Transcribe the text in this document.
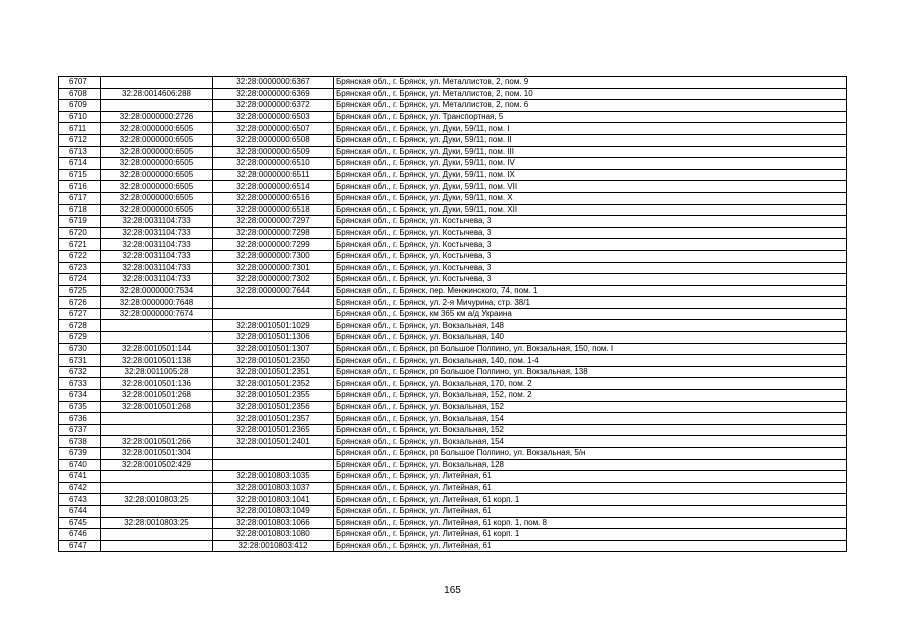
6707		32:28:0000000:6367	Брянская обл., г. Брянск, ул. Металлистов, 2, пом. 9
6708	32:28:0014606:288	32:28:0000000:6369	Брянская обл., г. Брянск, ул. Металлистов, 2, пом. 10
6709		32:28:0000000:6372	Брянская обл., г. Брянск, ул. Металлистов, 2, пом. 6
6710	32:28:0000000:2726	32:28:0000000:6503	Брянская обл., г. Брянск, ул. Транспортная, 5
6711	32:28:0000000:6505	32:28:0000000:6507	Брянская обл., г. Брянск, ул. Дуки, 59/11, пом. I
6712	32:28:0000000:6505	32:28:0000000:6508	Брянская обл., г. Брянск, ул. Дуки, 59/11, пом. II
6713	32:28:0000000:6505	32:28:0000000:6509	Брянская обл., г. Брянск, ул. Дуки, 59/11, пом. III
6714	32:28:0000000:6505	32:28:0000000:6510	Брянская обл., г. Брянск, ул. Дуки, 59/11, пом. IV
6715	32:28:0000000:6505	32:28:0000000:6511	Брянская обл., г. Брянск, ул. Дуки, 59/11, пом. IX
6716	32:28:0000000:6505	32:28:0000000:6514	Брянская обл., г. Брянск, ул. Дуки, 59/11, пом. VII
6717	32:28:0000000:6505	32:28:0000000:6516	Брянская обл., г. Брянск, ул. Дуки, 59/11, пом. X
6718	32:28:0000000:6505	32:28:0000000:6518	Брянская обл., г. Брянск, ул. Дуки, 59/11, пом. XII
6719	32:28:0031104:733	32:28:0000000:7297	Брянская обл., г. Брянск, ул. Костычева, 3
6720	32:28:0031104:733	32:28:0000000:7298	Брянская обл., г. Брянск, ул. Костычева, 3
6721	32:28:0031104:733	32:28:0000000:7299	Брянская обл., г. Брянск, ул. Костычева, 3
6722	32:28:0031104:733	32:28:0000000:7300	Брянская обл., г. Брянск, ул. Костычева, 3
6723	32:28:0031104:733	32:28:0000000:7301	Брянская обл., г. Брянск, ул. Костычева, 3
6724	32:28:0031104:733	32:28:0000000:7302	Брянская обл., г. Брянск, ул. Костычева, 3
6725	32:28:0000000:7534	32:28:0000000:7644	Брянская обл., г. Брянск, пер. Менжинского, 74, пом. 1
6726	32:28:0000000:7648		Брянская обл., г. Брянск, ул. 2-я Мичурина, стр. 38/1
6727	32:28:0000000:7674		Брянская обл., г. Брянск, км 365 км а/д Украина
6728		32:28:0010501:1029	Брянская обл., г. Брянск, ул. Вокзальная, 148
6729		32:28:0010501:1306	Брянская обл., г. Брянск, ул. Вокзальная, 140
6730	32:28:0010501:144	32:28:0010501:1307	Брянская обл., г. Брянск, рп Большое Полпино, ул. Вокзальная, 150, пом. I
6731	32:28:0010501:138	32:28:0010501:2350	Брянская обл., г. Брянск, ул. Вокзальная, 140, пом. 1-4
6732	32:28:0011005:28	32:28:0010501:2351	Брянская обл., г. Брянск, рп Большое Полпино, ул. Вокзальная, 138
6733	32:28:0010501:136	32:28:0010501:2352	Брянская обл., г. Брянск, ул. Вокзальная, 170, пом. 2
6734	32:28:0010501:268	32:28:0010501:2355	Брянская обл., г. Брянск, ул. Вокзальная, 152, пом. 2
6735	32:28:0010501:268	32:28:0010501:2356	Брянская обл., г. Брянск, ул. Вокзальная, 152
6736		32:28:0010501:2357	Брянская обл., г. Брянск, ул. Вокзальная, 154
6737		32:28:0010501:2365	Брянская обл., г. Брянск, ул. Вокзальная, 152
6738	32:28:0010501:266	32:28:0010501:2401	Брянская обл., г. Брянск, ул. Вокзальная, 154
6739	32:28:0010501:304		Брянская обл., г. Брянск, рп Большое Полпино, ул. Вокзальная, 5/н
6740	32:28:0010502:429		Брянская обл., г. Брянск, ул. Вокзальная, 128
6741		32:28:0010803:1035	Брянская обл., г. Брянск, ул. Литейная, 61
6742		32:28:0010803:1037	Брянская обл., г. Брянск, ул. Литейная, 61
6743	32:28:0010803:25	32:28:0010803:1041	Брянская обл., г. Брянск, ул. Литейная, 61 корп. 1
6744		32:28:0010803:1049	Брянская обл., г. Брянск, ул. Литейная, 61
6745	32:28:0010803:25	32:28:0010803:1066	Брянская обл., г. Брянск, ул. Литейная, 61 корп. 1, пом. 8
6746		32:28:0010803:1080	Брянская обл., г. Брянск, ул. Литейная, 61 корп. 1
6747		32:28:0010803:412	Брянская обл., г. Брянск, ул. Литейная, 61
165
